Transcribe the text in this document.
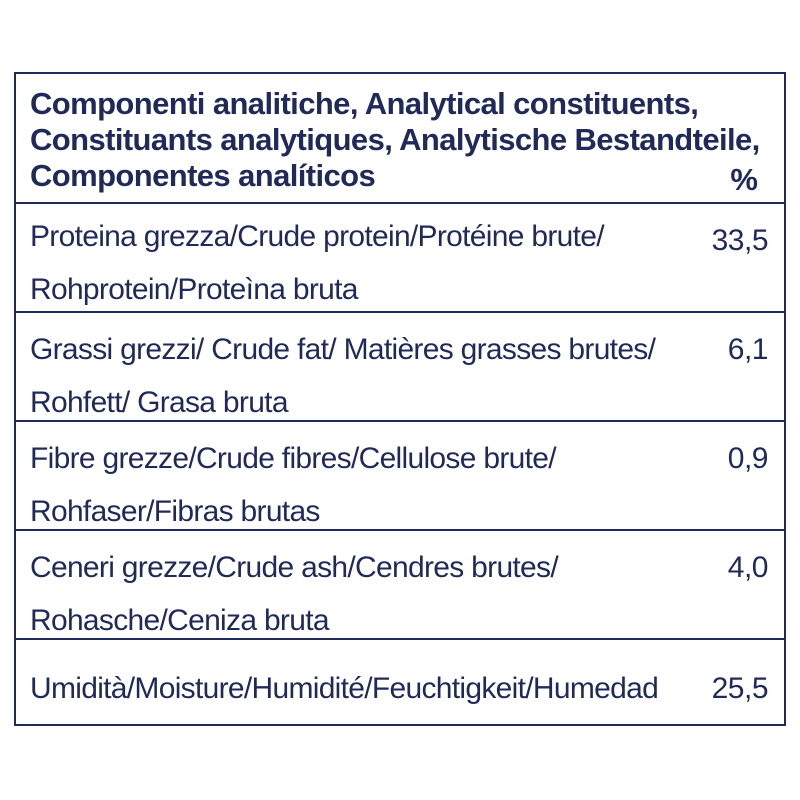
Componenti analitiche, Analytical constituents,
Constituants analytiques, Analytische Bestandteile,
Componentes analíticos	%
Proteina grezza/Crude protein/Protéine brute/
Rohprotein/Proteìna bruta
33,5
Grassi grezzi/ Crude fat/ Matières grasses brutes/
Rohfett/ Grasa bruta
6,1
Fibre grezze/Crude fibres/Cellulose brute/
Rohfaser/Fibras brutas
0,9
Ceneri grezze/Crude ash/Cendres brutes/
Rohasche/Ceniza bruta
4,0
Umidità/Moisture/Humidité/Feuchtigkeit/Humedad	25,5
